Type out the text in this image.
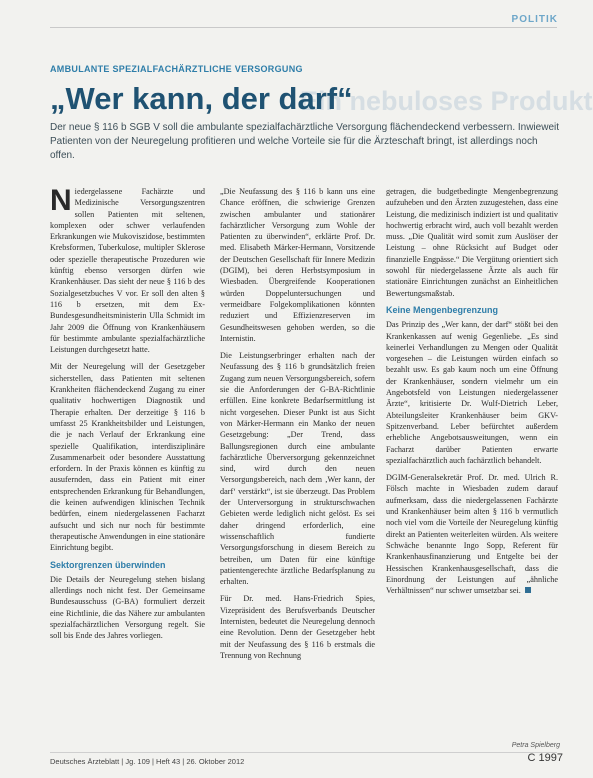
POLITIK
AMBULANTE SPEZIALFACHÄRZTLICHE VERSORGUNG
Ein nebuloses Produkt
„Wer kann, der darf“
Der neue § 116 b SGB V soll die ambulante spezialfachärztliche Versorgung flächendeckend verbessern. Inwieweit Patienten von der Neuregelung profitieren und welche Vorteile sie für die Ärzteschaft bringt, ist allerdings noch offen.

Niedergelassene Fachärzte und Medizinische Versorgungszentren sollen Patienten mit seltenen, komplexen oder schwer verlaufenden Erkrankungen wie Mukoviszidose, bestimmten Krebsformen, Tuberkulose, multipler Sklerose oder spezielle therapeutische Prozeduren wie künftig ebenso versorgen dürfen wie Krankenhäuser. Das sieht der neue § 116 b des Sozialgesetzbuches V vor. Er soll den alten § 116 b ersetzen, mit dem Ex-Bundesgesundheitsministerin Ulla Schmidt im Jahr 2009 die Öffnung von Krankenhäusern für bestimmte ambulante spezialfachärztliche Leistungen durchgesetzt hatte.

Mit der Neuregelung will der Gesetzgeber sicherstellen, dass Patienten mit seltenen Krankheiten flächendeckend Zugang zu einer qualitativ hochwertigen Diagnostik und Therapie erhalten. Der derzeitige § 116 b umfasst 25 Krankheitsbilder und Leistungen, die je nach Verlauf der Erkrankung eine spezielle Qualifikation, interdisziplinäre Zusammenarbeit oder besondere Ausstattung erfordern. In der Praxis können es künftig zu ausufernden, dass ein Patient mit einer entsprechenden Erkrankung für Behandlungen, die keinen aufwendigen klinischen Technik bedürfen, einem niedergelassenen Facharzt aufsucht und sich nur noch für bestimmte therapeutische Anwendungen in eine stationäre Einrichtung begibt.

Sektorgrenzen überwinden

Die Details der Neuregelung stehen bislang allerdings noch nicht fest. Der Gemeinsame Bundesausschuss (G-BA) formuliert derzeit eine Richtlinie, die das Nähere zur ambulanten spezialfachärztlichen Versorgung regelt. Sie soll bis Ende des Jahres vorliegen.

„Die Neufassung des § 116 b kann uns eine Chance eröffnen, die schwierige Grenzen zwischen ambulanter und stationärer fachärztlicher Versorgung zum Wohle der Patienten zu überwinden“, erklärte Prof. Dr. med. Elisabeth Märker-Hermann, Vorsitzende der Deutschen Gesellschaft für Innere Medizin (DGIM), bei deren Herbstsymposium in Wiesbaden. Übergreifende Kooperationen würden Doppeluntersuchungen und vermeidbare Folgekomplikationen könnten reduziert und Effizienzreserven im Gesundheitswesen gehoben werden, so die Internistin.

Die Leistungserbringer erhalten nach der Neufassung des § 116 b grundsätzlich freien Zugang zum neuen Versorgungsbereich, sofern sie die Anforderungen der G-BA-Richtlinie erfüllen. Eine konkrete Bedarfsermittlung ist nicht vorgesehen. Dieser Punkt ist aus Sicht von Märker-Hermann ein Manko der neuen Gesetzgebung: „Der Trend, dass Ballungsregionen durch eine ambulante fachärztliche Überversorgung gekennzeichnet sind, wird durch den neuen Versorgungsbereich, nach dem ‚Wer kann, der darf‘ verstärkt“, ist sie überzeugt. Das Problem der Unterversorgung in strukturschwachen Gebieten werde lediglich nicht gelöst. Es sei daher dringend erforderlich, eine wissenschaftlich fundierte Versorgungsforschung in diesem Bereich zu betreiben, um Daten für eine künftige patientengerechte ärztliche Bedarfsplanung zu erhalten.

Für Dr. med. Hans-Friedrich Spies, Vizepräsident des Berufsverbands Deutscher Internisten, bedeutet die Neuregelung dennoch eine Revolution. Denn der Gesetzgeber hebt mit der Neufassung des § 116 b erstmals die Trennung von Rechnung

getragen, die budgetbedingte Mengenbegrenzung aufzuheben und den Ärzten zuzugestehen, dass eine Leistung, die medizinisch indiziert ist und qualitativ hochwertig erbracht wird, auch voll bezahlt werden muss. „Die Qualität wird somit zum Auslöser der Leistung – ohne Rücksicht auf Budget oder finanzielle Engpässe.“ Die Vergütung orientiert sich sowohl für niedergelassene Ärzte als auch für stationäre Einrichtungen zunächst an Einheitlichen Bewertungsmaßstab.

Keine Mengenbegrenzung

Das Prinzip des „Wer kann, der darf“ stößt bei den Krankenkassen auf wenig Gegenliebe. „Es sind keinerlei Verhandlungen zu Mengen oder Qualität vorgesehen – die Leistungen würden einfach so bezahlt usw. Es gab kaum noch um eine Öffnung der Krankenhäuser, sondern vielmehr um ein Angebotsfeld von Leistungen niedergelassener Ärzte“, kritisierte Dr. Wulf-Dietrich Leber, Abteilungsleiter Krankenhäuser beim GKV-Spitzenverband. Leber befürchtet außerdem erhebliche Angebotsausweitungen, wenn ein Facharzt darüber Patienten erwarte spezialfachärztlich auch fachärztlich behandelt.

DGIM-Generalsekretär Prof. Dr. med. Ulrich R. Fölsch machte in Wiesbaden zudem darauf aufmerksam, dass die niedergelassenen Fachärzte und Krankenhäuser beim alten § 116 b vermutlich noch viel vom die Vorteile der Neuregelung künftig direkt an Patienten weiterleiten würden. Als weitere Schwäche benannte Ingo Sopp, Referent für Krankenhausfinanzierung und Entgelte bei der Hessischen Krankenhausgesellschaft, dass die Einordnung der Leistungen auf „ähnliche Verhältnissen“ nur schwer umsetzbar sei.

Petra Spielberg
Deutsches Ärzteblatt | Jg. 109 | Heft 43 | 26. Oktober 2012	C 1997
